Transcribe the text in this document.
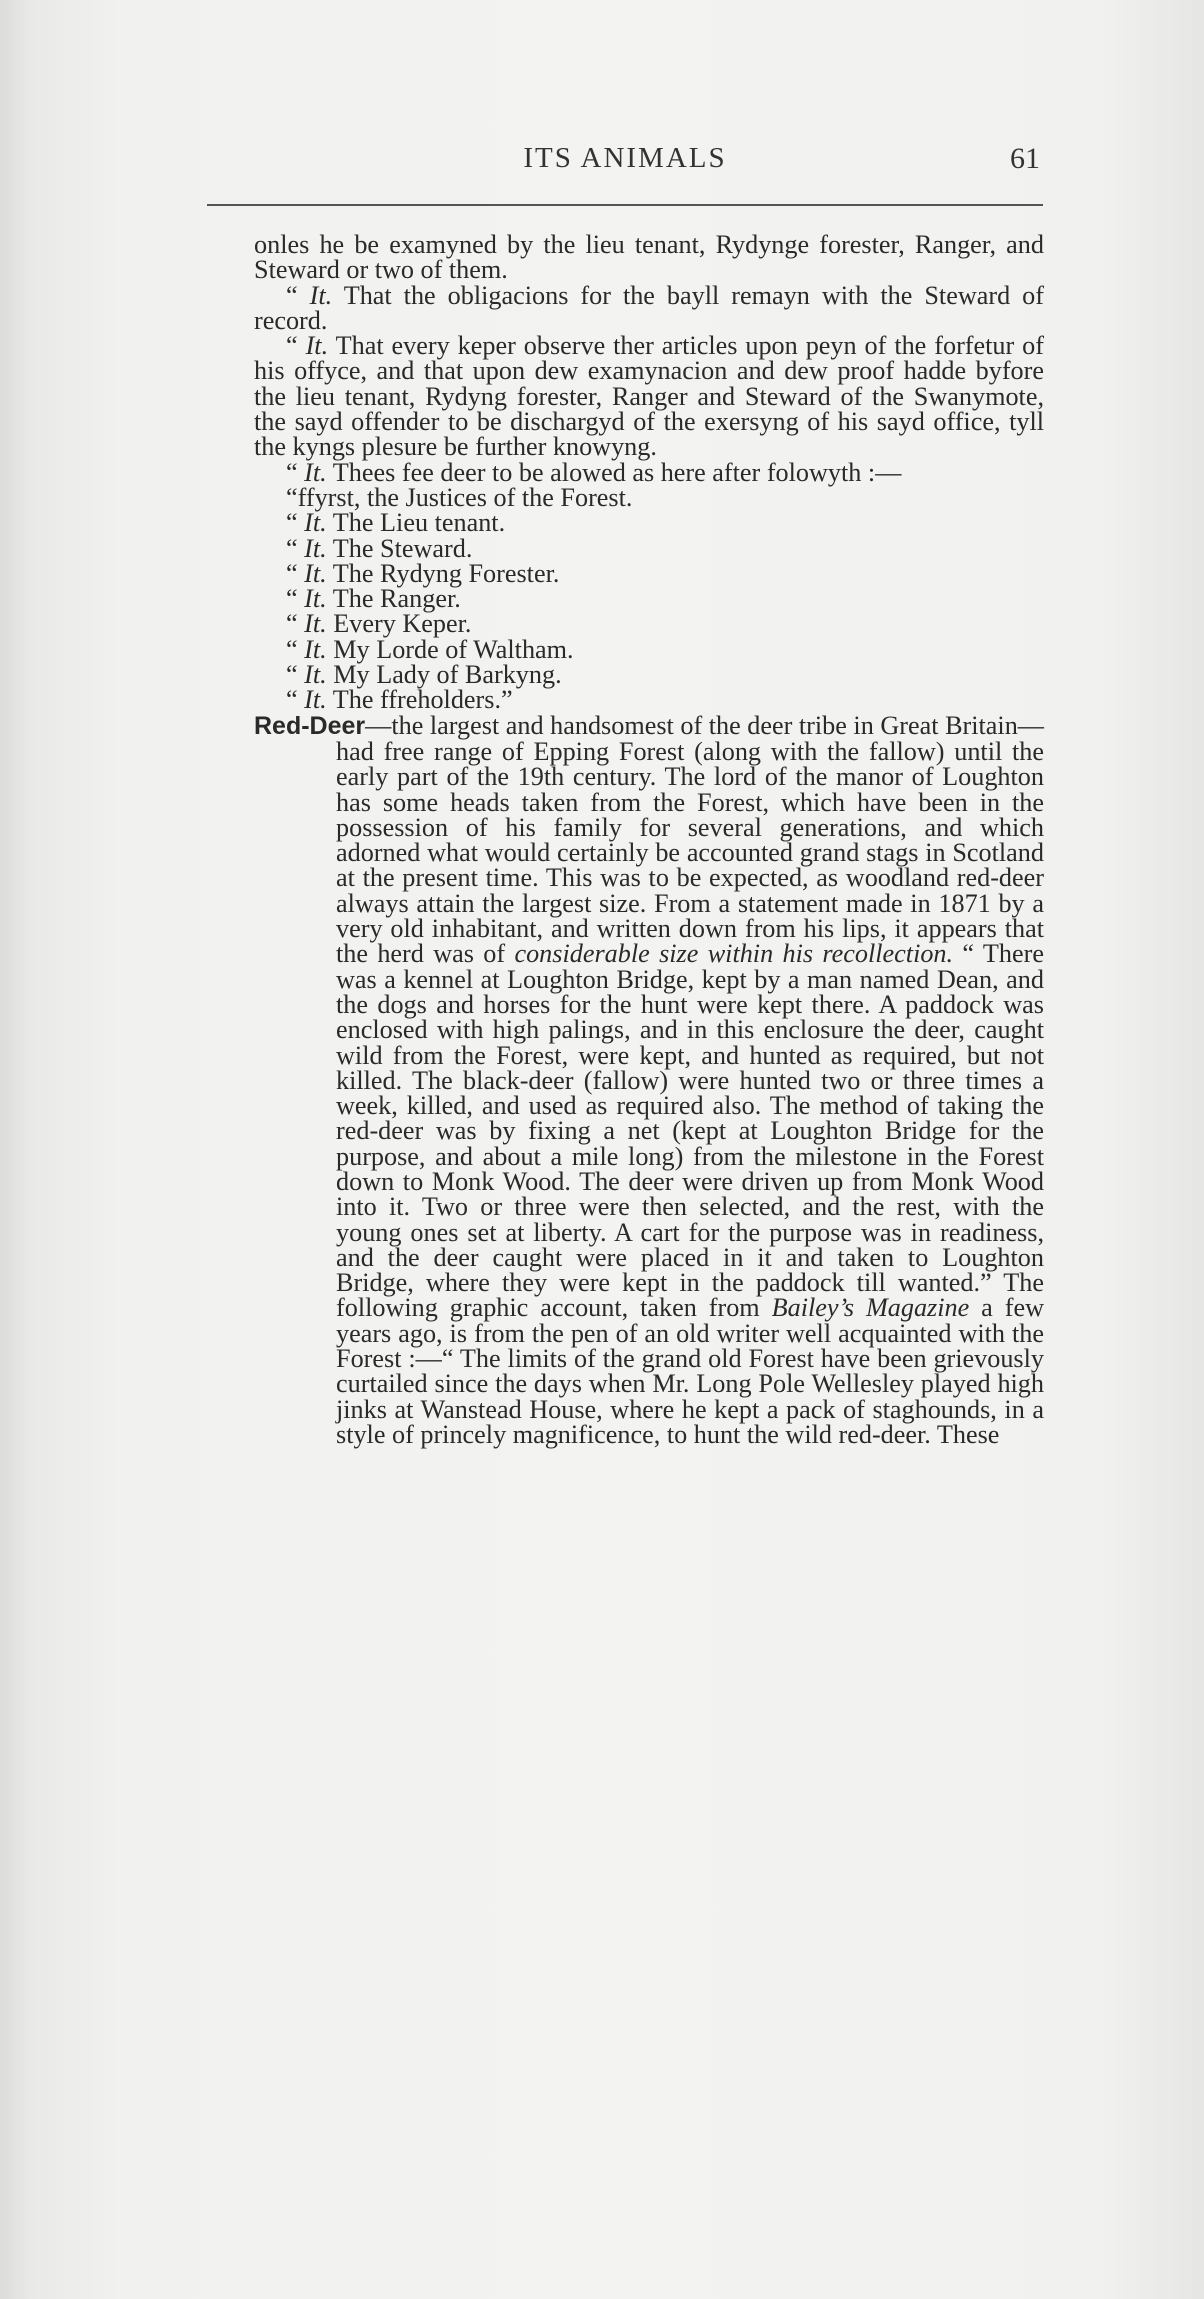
ITS ANIMALS	61

onles he be examyned by the lieu tenant, Rydynge forester, Ranger, and Steward or two of them.

“ It. That the obligacions for the bayll remayn with the Steward of record.

“ It. That every keper observe ther articles upon peyn of the forfetur of his offyce, and that upon dew examynacion and dew proof hadde byfore the lieu tenant, Rydyng forester, Ranger and Steward of the Swanymote, the sayd offender to be dischargyd of the exersyng of his sayd office, tyll the kyngs plesure be further knowyng.

“ It. Thees fee deer to be alowed as here after folowyth :—

“ffyrst, the Justices of the Forest.

“ It. The Lieu tenant.

“ It. The Steward.

“ It. The Rydyng Forester.

“ It. The Ranger.

“ It. Every Keper.

“ It. My Lorde of Waltham.

“ It. My Lady of Barkyng.

“ It. The ffreholders.”

Red-Deer—the largest and handsomest of the deer tribe in Great Britain—had free range of Epping Forest (along with the fallow) until the early part of the 19th century. The lord of the manor of Loughton has some heads taken from the Forest, which have been in the possession of his family for several generations, and which adorned what would certainly be accounted grand stags in Scotland at the present time. This was to be expected, as woodland red-deer always attain the largest size. From a statement made in 1871 by a very old inhabitant, and written down from his lips, it appears that the herd was of considerable size within his recollection. “ There was a kennel at Loughton Bridge, kept by a man named Dean, and the dogs and horses for the hunt were kept there. A paddock was enclosed with high palings, and in this enclosure the deer, caught wild from the Forest, were kept, and hunted as required, but not killed. The black-deer (fallow) were hunted two or three times a week, killed, and used as required also. The method of taking the red-deer was by fixing a net (kept at Loughton Bridge for the purpose, and about a mile long) from the milestone in the Forest down to Monk Wood. The deer were driven up from Monk Wood into it. Two or three were then selected, and the rest, with the young ones set at liberty. A cart for the purpose was in readiness, and the deer caught were placed in it and taken to Loughton Bridge, where they were kept in the paddock till wanted.” The following graphic account, taken from Bailey’s Magazine a few years ago, is from the pen of an old writer well acquainted with the Forest :—“ The limits of the grand old Forest have been grievously curtailed since the days when Mr. Long Pole Wellesley played high jinks at Wanstead House, where he kept a pack of staghounds, in a style of princely magnificence, to hunt the wild red-deer. These
